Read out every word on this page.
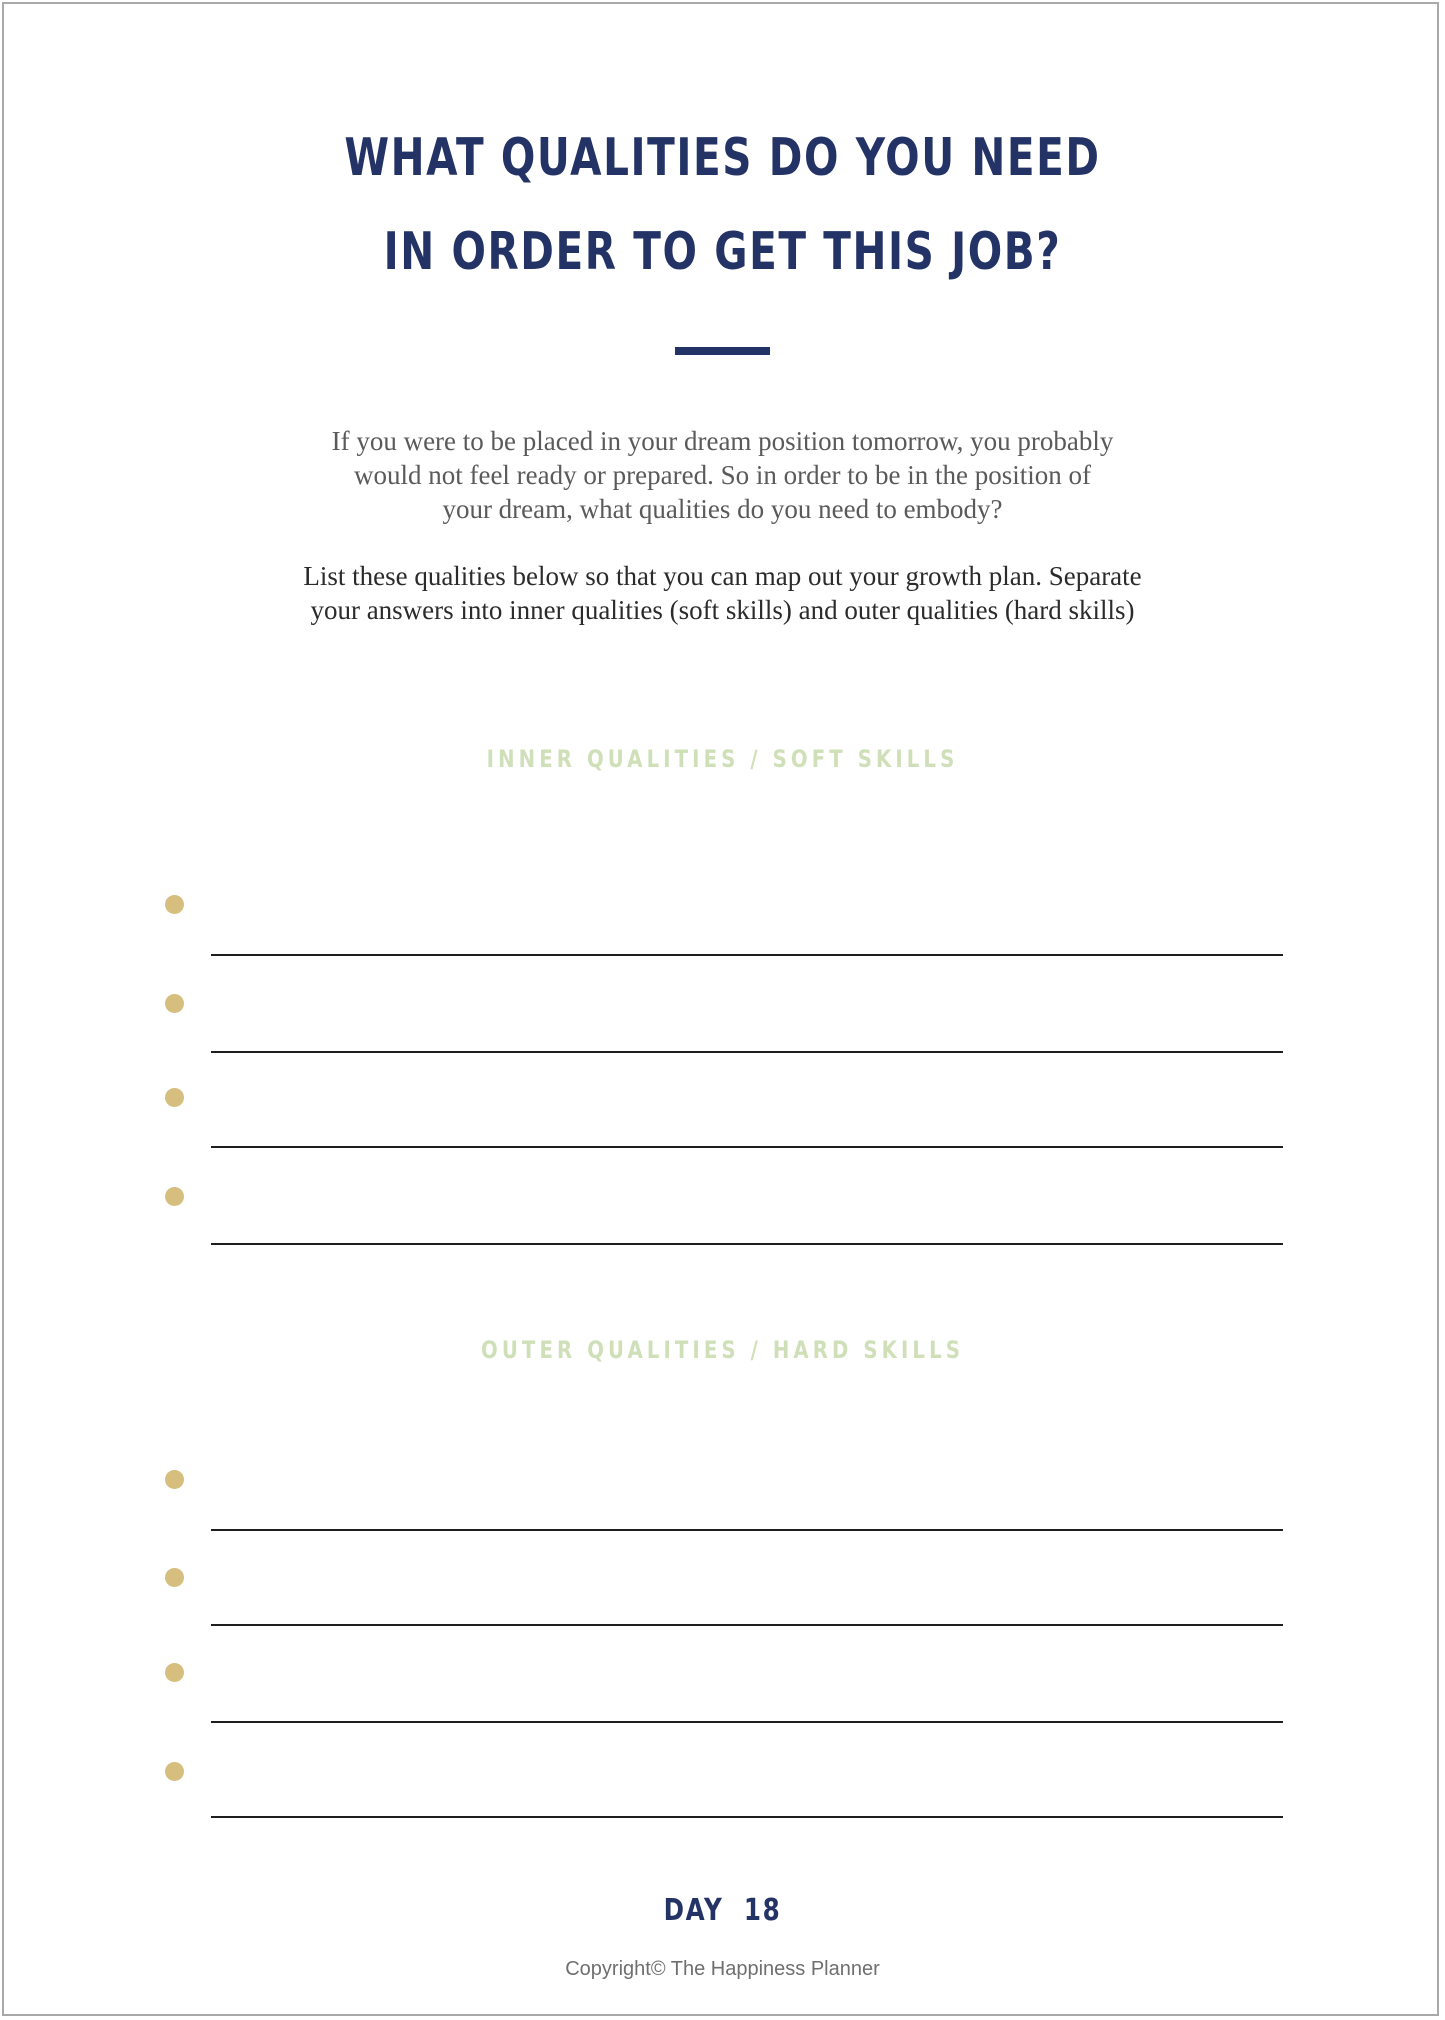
WHAT QUALITIES DO YOU NEED
IN ORDER TO GET THIS JOB?
If you were to be placed in your dream position tomorrow, you probably
would not feel ready or prepared. So in order to be in the position of
your dream, what qualities do you need to embody?
List these qualities below so that you can map out your growth plan. Separate
your answers into inner qualities (soft skills) and outer qualities (hard skills)
INNER QUALITIES / SOFT SKILLS
OUTER QUALITIES / HARD SKILLS
DAY  18
Copyright© The Happiness Planner
